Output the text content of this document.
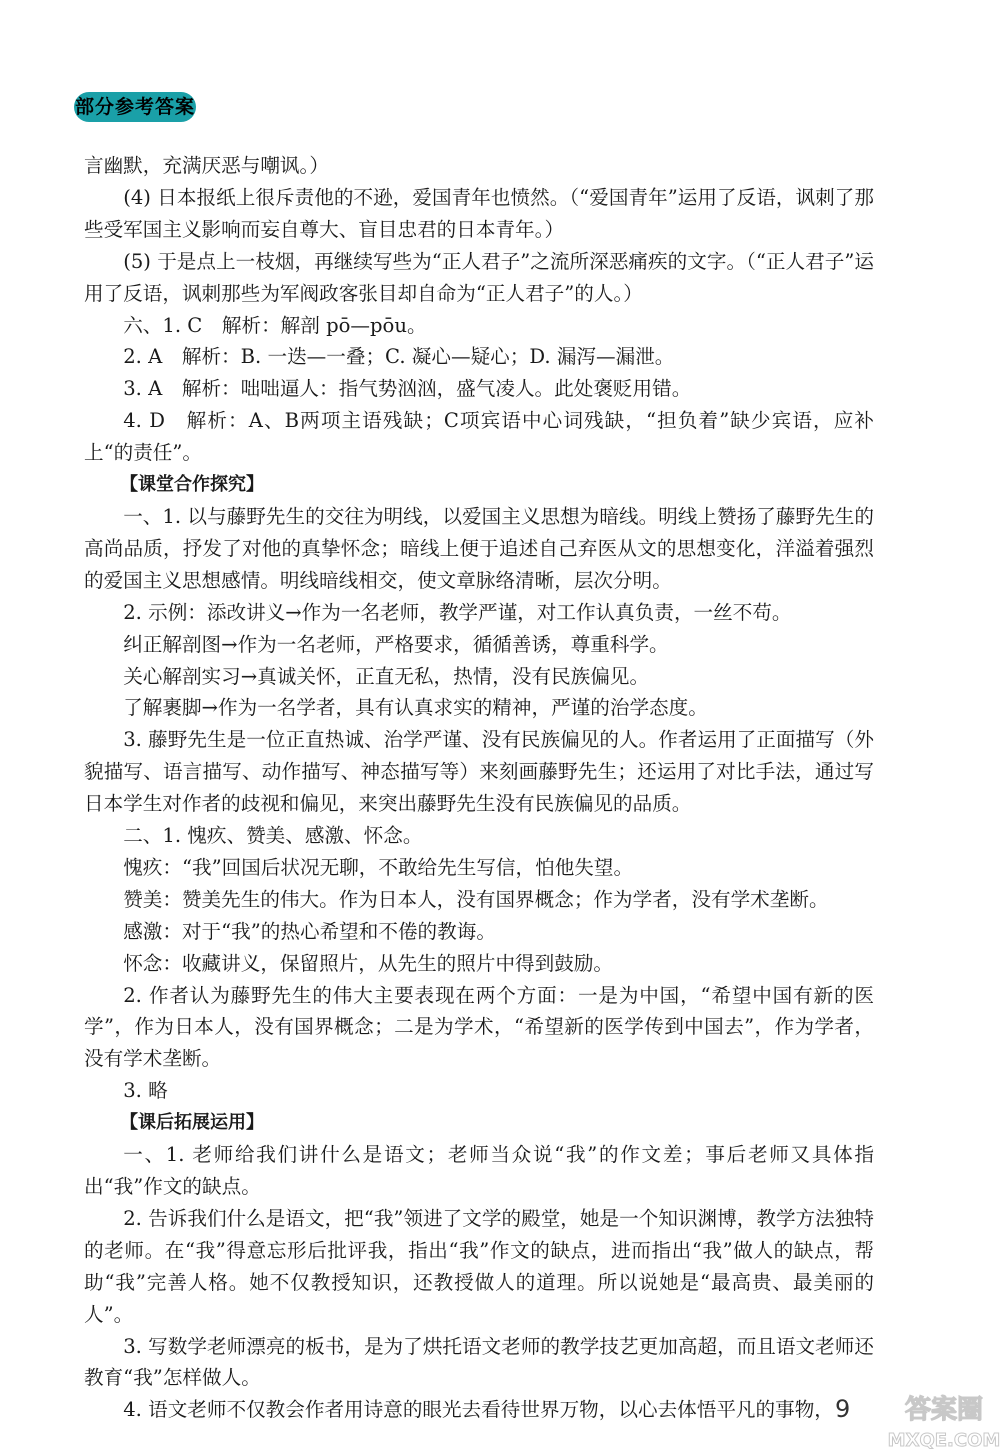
部分参考答案

言幽默，充满厌恶与嘲讽。）

(4) 日本报纸上很斥责他的不逊，爱国青年也愤然。（“爱国青年”运用了反语，讽刺了那些受军国主义影响而妄自尊大、盲目忠君的日本青年。）

(5) 于是点上一枝烟，再继续写些为“正人君子”之流所深恶痛疾的文字。（“正人君子”运用了反语，讽刺那些为军阀政客张目却自命为“正人君子”的人。）

六、1. C　解析：解剖 pō—pōu。

2. A　解析：B. 一迭—一叠；C. 凝心—疑心；D. 漏泻—漏泄。

3. A　解析：咄咄逼人：指气势汹汹，盛气凌人。此处褒贬用错。

4. D　解析：A、B两项主语残缺；C项宾语中心词残缺，“担负着”缺少宾语，应补上“的责任”。

【课堂合作探究】

一、1. 以与藤野先生的交往为明线，以爱国主义思想为暗线。明线上赞扬了藤野先生的高尚品质，抒发了对他的真挚怀念；暗线上便于追述自己弃医从文的思想变化，洋溢着强烈的爱国主义思想感情。明线暗线相交，使文章脉络清晰，层次分明。

2. 示例：添改讲义→作为一名老师，教学严谨，对工作认真负责，一丝不苟。

纠正解剖图→作为一名老师，严格要求，循循善诱，尊重科学。

关心解剖实习→真诚关怀，正直无私，热情，没有民族偏见。

了解裹脚→作为一名学者，具有认真求实的精神，严谨的治学态度。

3. 藤野先生是一位正直热诚、治学严谨、没有民族偏见的人。作者运用了正面描写（外貌描写、语言描写、动作描写、神态描写等）来刻画藤野先生；还运用了对比手法，通过写日本学生对作者的歧视和偏见，来突出藤野先生没有民族偏见的品质。

二、1. 愧疚、赞美、感激、怀念。

愧疚：“我”回国后状况无聊，不敢给先生写信，怕他失望。

赞美：赞美先生的伟大。作为日本人，没有国界概念；作为学者，没有学术垄断。

感激：对于“我”的热心希望和不倦的教诲。

怀念：收藏讲义，保留照片，从先生的照片中得到鼓励。

2. 作者认为藤野先生的伟大主要表现在两个方面：一是为中国，“希望中国有新的医学”，作为日本人，没有国界概念；二是为学术，“希望新的医学传到中国去”，作为学者，没有学术垄断。

3. 略

【课后拓展运用】

一、1. 老师给我们讲什么是语文；老师当众说“我”的作文差；事后老师又具体指出“我”作文的缺点。

2. 告诉我们什么是语文，把“我”领进了文学的殿堂，她是一个知识渊博，教学方法独特的老师。在“我”得意忘形后批评我，指出“我”作文的缺点，进而指出“我”做人的缺点，帮助“我”完善人格。她不仅教授知识，还教授做人的道理。所以说她是“最高贵、最美丽的人”。

3. 写数学老师漂亮的板书，是为了烘托语文老师的教学技艺更加高超，而且语文老师还教育“我”怎样做人。

4. 语文老师不仅教会作者用诗意的眼光去看待世界万物，以心去体悟平凡的事物， 9 答案圈
MXQE.COM
